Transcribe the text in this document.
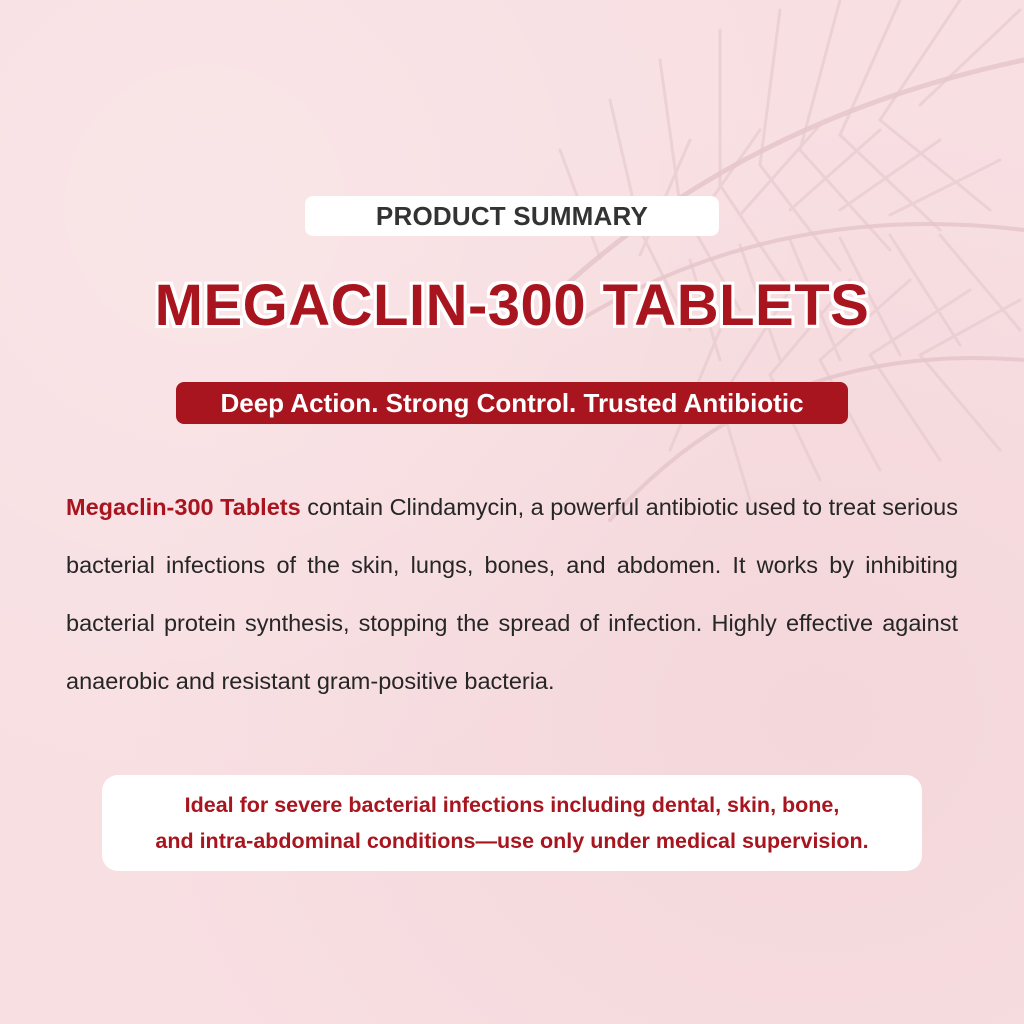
PRODUCT SUMMARY
MEGACLIN-300 TABLETS
Deep Action. Strong Control. Trusted Antibiotic
Megaclin-300 Tablets contain Clindamycin, a powerful antibiotic used to treat serious bacterial infections of the skin, lungs, bones, and abdomen. It works by inhibiting bacterial protein synthesis, stopping the spread of infection. Highly effective against anaerobic and resistant gram-positive bacteria.
Ideal for severe bacterial infections including dental, skin, bone,
and intra-abdominal conditions—use only under medical supervision.
